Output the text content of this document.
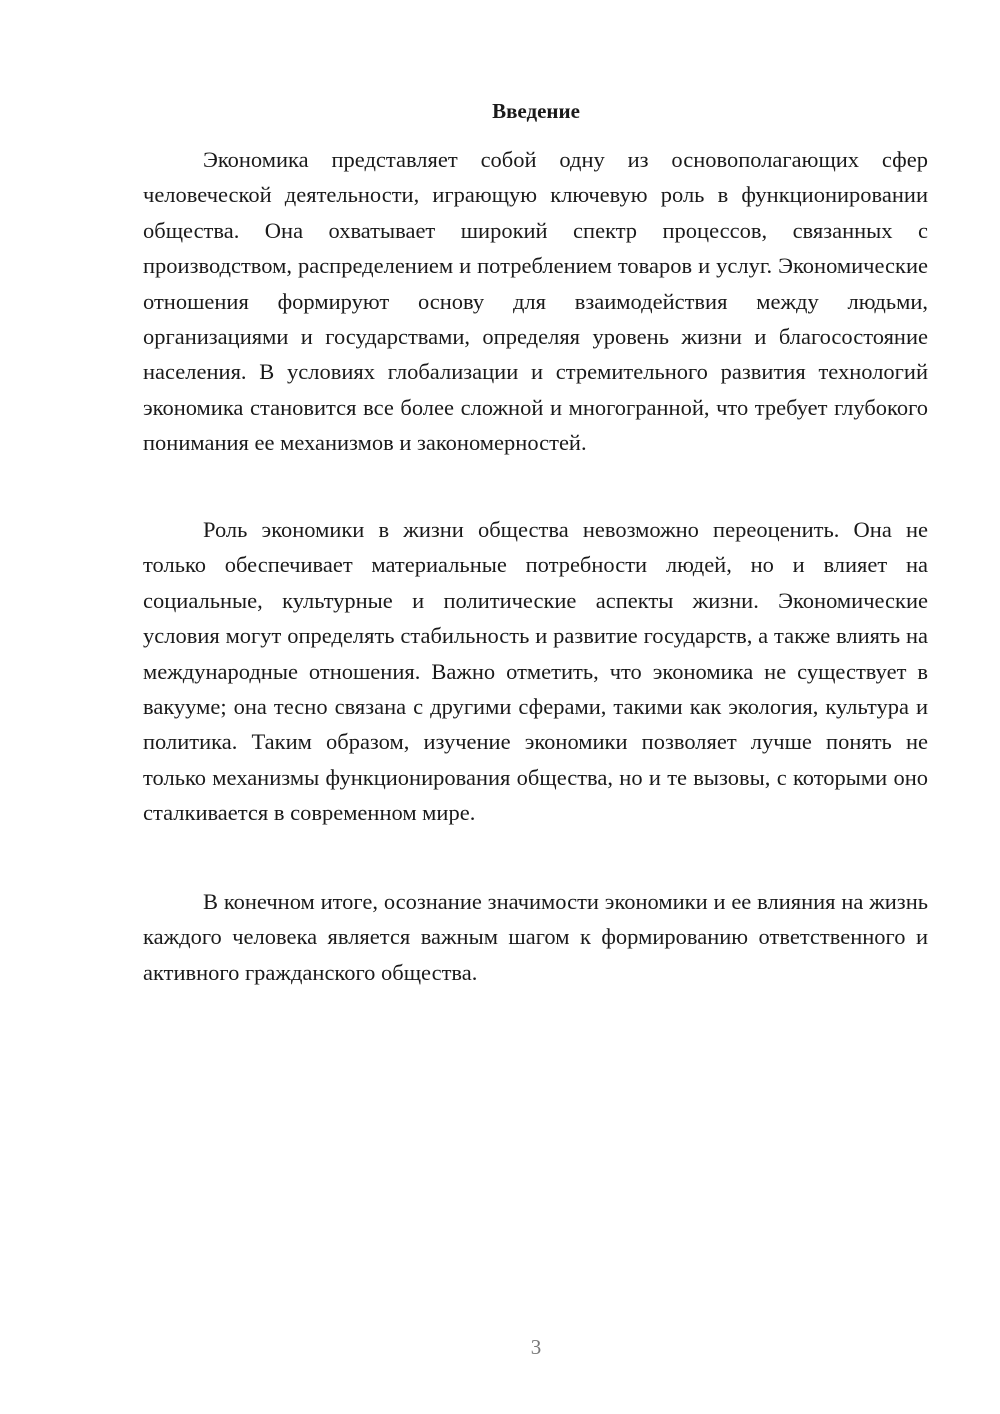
Введение

Экономика представляет собой одну из основополагающих сфер человеческой деятельности, играющую ключевую роль в функционировании общества. Она охватывает широкий спектр процессов, связанных с производством, распределением и потреблением товаров и услуг. Экономические отношения формируют основу для взаимодействия между людьми, организациями и государствами, определяя уровень жизни и благосостояние населения. В условиях глобализации и стремительного развития технологий экономика становится все более сложной и многогранной, что требует глубокого понимания ее механизмов и закономерностей.

Роль экономики в жизни общества невозможно переоценить. Она не только обеспечивает материальные потребности людей, но и влияет на социальные, культурные и политические аспекты жизни. Экономические условия могут определять стабильность и развитие государств, а также влиять на международные отношения. Важно отметить, что экономика не существует в вакууме; она тесно связана с другими сферами, такими как экология, культура и политика. Таким образом, изучение экономики позволяет лучше понять не только механизмы функционирования общества, но и те вызовы, с которыми оно сталкивается в современном мире.

В конечном итоге, осознание значимости экономики и ее влияния на жизнь каждого человека является важным шагом к формированию ответственного и активного гражданского общества.

3
